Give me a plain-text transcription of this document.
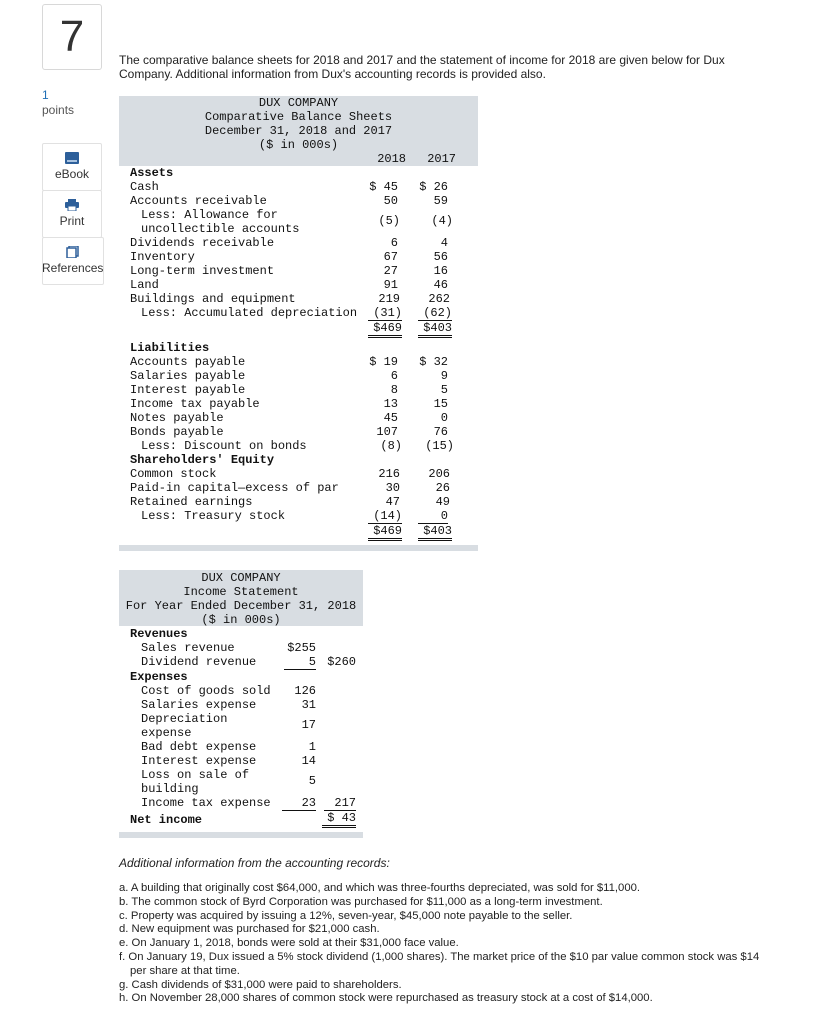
7
1
points
eBook
Print
References
The comparative balance sheets for 2018 and 2017 and the statement of income for 2018 are given below for Dux Company. Additional information from Dux's accounting records is provided also.
DUX COMPANY
Comparative Balance Sheets
December 31, 2018 and 2017
($ in 000s)
2018	2017
Assets
Cash	$ 45	$ 26
Accounts receivable	50	59
Less: Allowance for
uncollectible accounts
(5)	(4)
Dividends receivable	6	4
Inventory	67	56
Long-term investment	27	16
Land	91	46
Buildings and equipment	219	262
Less: Accumulated depreciation	(31)	(62)
$469	$403
Liabilities
Accounts payable	$ 19	$ 32
Salaries payable	6	9
Interest payable	8	5
Income tax payable	13	15
Notes payable	45	0
Bonds payable	107	76
Less: Discount on bonds	(8)	(15)
Shareholders' Equity
Common stock	216	206
Paid-in capital—excess of par	30	26
Retained earnings	47	49
Less: Treasury stock	(14)	0
$469	$403
DUX COMPANY
Income Statement
For Year Ended December 31, 2018
($ in 000s)
Revenues
Sales revenue	$255
Dividend revenue	5 $260
Expenses
Cost of goods sold	126
Salaries expense	31
Depreciation
expense
17
Bad debt expense	1
Interest expense	14
Loss on sale of
building
5
Income tax expense	23	217
Net income	$ 43
Additional information from the accounting records:
a. A building that originally cost $64,000, and which was three-fourths depreciated, was sold for $11,000.
b. The common stock of Byrd Corporation was purchased for $11,000 as a long-term investment.
c. Property was acquired by issuing a 12%, seven-year, $45,000 note payable to the seller.
d. New equipment was purchased for $21,000 cash.
e. On January 1, 2018, bonds were sold at their $31,000 face value.
f. On January 19, Dux issued a 5% stock dividend (1,000 shares). The market price of the $10 par value common stock was $14 per share at that time.
g. Cash dividends of $31,000 were paid to shareholders.
h. On November 28,000 shares of common stock were repurchased as treasury stock at a cost of $14,000.
